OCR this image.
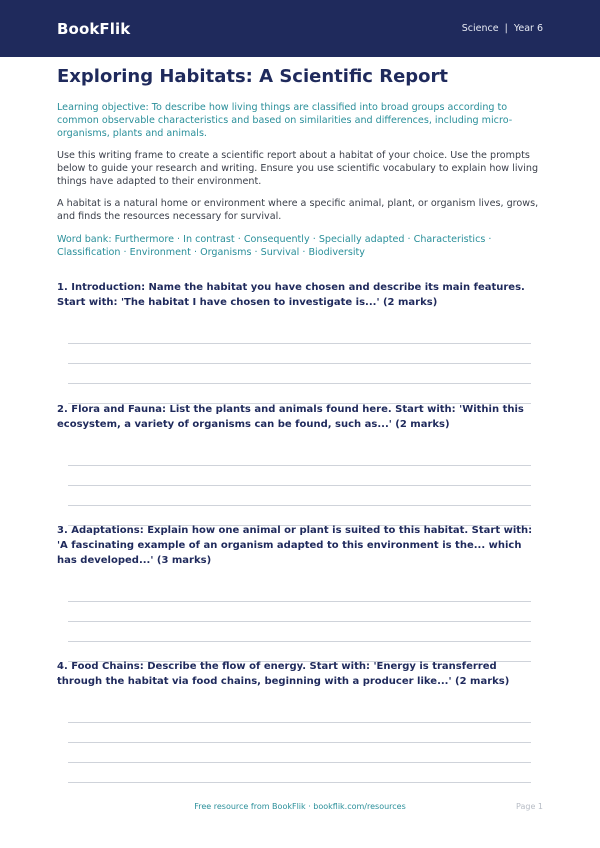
BookFlik	Science | Year 6
Exploring Habitats: A Scientific Report
Learning objective: To describe how living things are classified into broad groups according to common observable characteristics and based on similarities and differences, including micro-organisms, plants and animals.
Use this writing frame to create a scientific report about a habitat of your choice. Use the prompts below to guide your research and writing. Ensure you use scientific vocabulary to explain how living things have adapted to their environment.
A habitat is a natural home or environment where a specific animal, plant, or organism lives, grows, and finds the resources necessary for survival.
Word bank: Furthermore · In contrast · Consequently · Specially adapted · Characteristics · Classification · Environment · Organisms · Survival · Biodiversity
1. Introduction: Name the habitat you have chosen and describe its main features. Start with: 'The habitat I have chosen to investigate is...' (2 marks)
2. Flora and Fauna: List the plants and animals found here. Start with: 'Within this ecosystem, a variety of organisms can be found, such as...' (2 marks)
3. Adaptations: Explain how one animal or plant is suited to this habitat. Start with: 'A fascinating example of an organism adapted to this environment is the... which has developed...' (3 marks)
4. Food Chains: Describe the flow of energy. Start with: 'Energy is transferred through the habitat via food chains, beginning with a producer like...' (2 marks)
Free resource from BookFlik · bookflik.com/resources	Page 1
